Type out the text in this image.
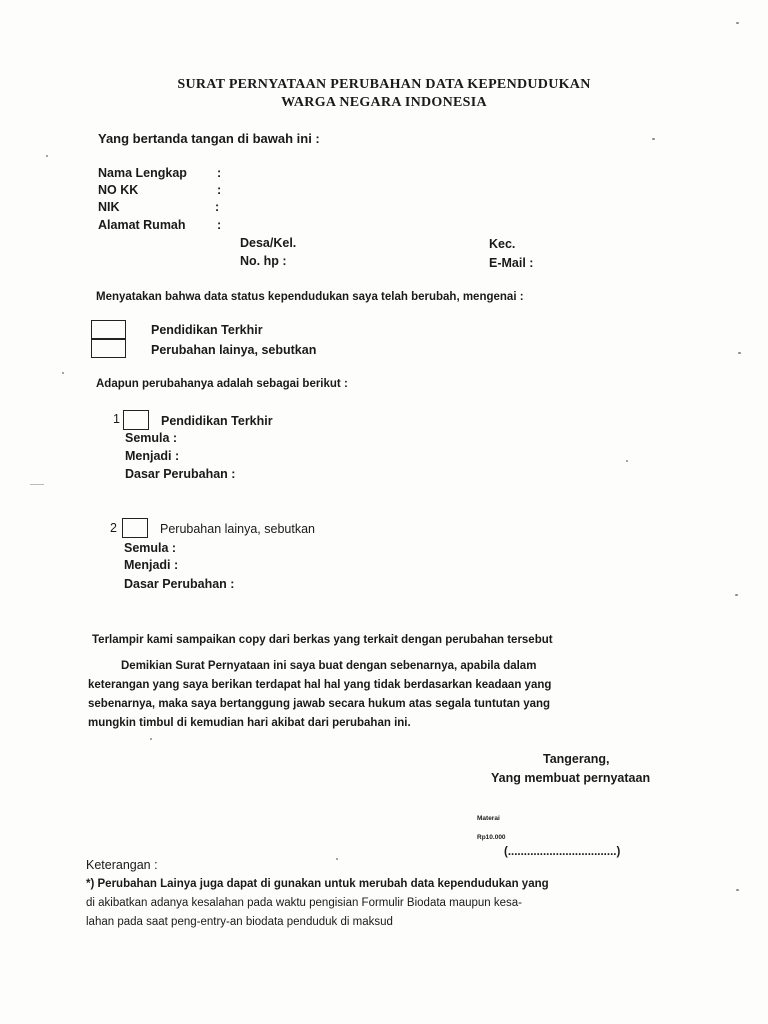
SURAT PERNYATAAN PERUBAHAN DATA KEPENDUDUKAN
WARGA NEGARA INDONESIA
Yang bertanda tangan di bawah ini :
Nama Lengkap :
NO KK	:
NIK	:
Alamat Rumah	:
Desa/Kel.	Kec.
No. hp :	E-Mail :
Menyatakan bahwa data status kependudukan saya telah berubah, mengenai :
Pendidikan Terkhir
Perubahan lainya, sebutkan
Adapun perubahanya adalah sebagai berikut :
1	Pendidikan Terkhir
Semula :
Menjadi :
Dasar Perubahan :
2	Perubahan lainya, sebutkan
Semula :
Menjadi :
Dasar Perubahan :
Terlampir kami sampaikan copy dari berkas yang terkait dengan perubahan tersebut
Demikian Surat Pernyataan ini saya buat dengan sebenarnya, apabila dalam
keterangan yang saya berikan terdapat hal hal yang tidak berdasarkan keadaan yang
sebenarnya, maka saya bertanggung jawab secara hukum atas segala tuntutan yang
mungkin timbul di kemudian hari akibat dari perubahan ini.
Tangerang,
Yang membuat pernyataan
Materai
Rp10.000
(..................................)
Keterangan :
*) Perubahan Lainya juga dapat di gunakan untuk merubah data kependudukan yang
di akibatkan adanya kesalahan pada waktu pengisian Formulir Biodata maupun kesa-
lahan pada saat peng-entry-an biodata penduduk di maksud
